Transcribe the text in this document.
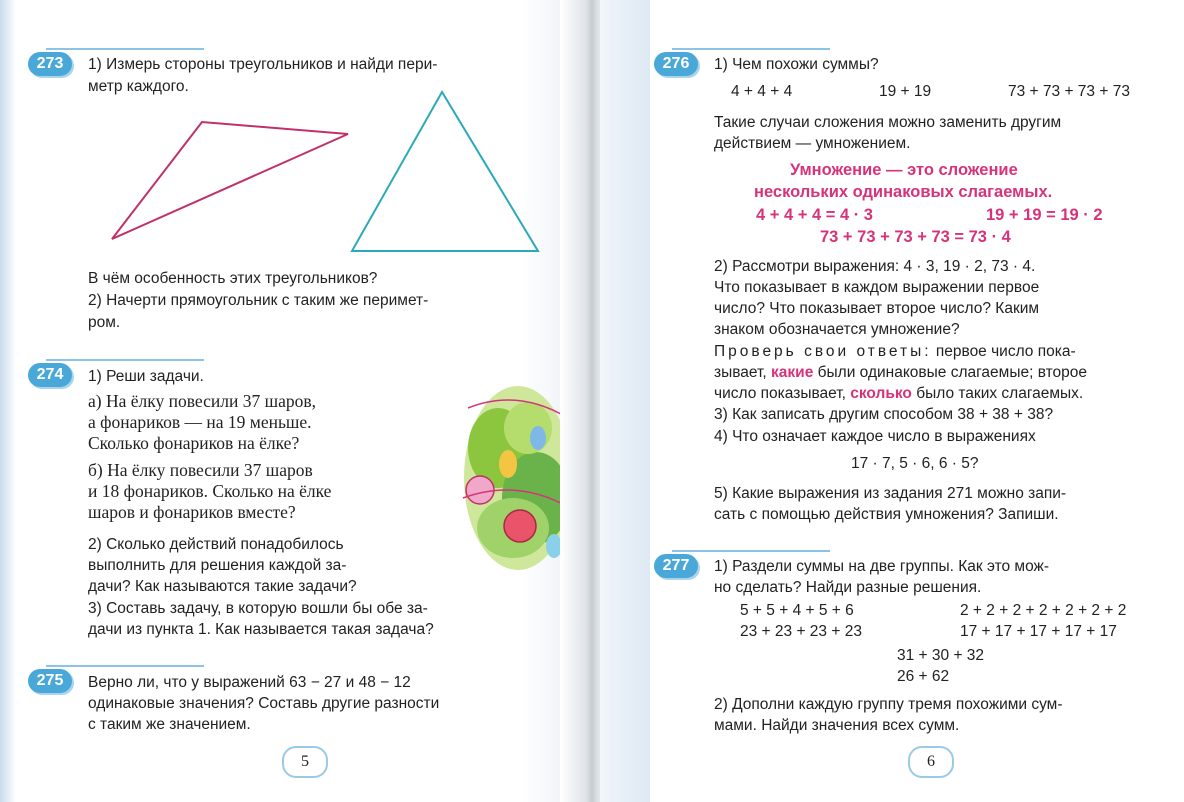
273	1) Измерь стороны треугольников и найди пери-
метр каждого.
В чём особенность этих треугольников?
2) Начерти прямоугольник с таким же перимет-
ром.
274	1) Реши задачи.
а) На ёлку повесили 37 шаров,
а фонариков — на 19 меньше.
Сколько фонариков на ёлке?
б) На ёлку повесили 37 шаров
и 18 фонариков. Сколько на ёлке
шаров и фонариков вместе?
2) Сколько действий понадобилось
выполнить для решения каждой за-
дачи? Как называются такие задачи?
3) Составь задачу, в которую вошли бы обе за-
дачи из пункта 1. Как называется такая задача?
275	Верно ли, что у выражений 63 − 27 и 48 − 12
одинаковые значения? Составь другие разности
с таким же значением.
5
276	1) Чем похожи суммы?
4 + 4 + 4	19 + 19	73 + 73 + 73 + 73
Такие случаи сложения можно заменить другим
действием — умножением.
Умножение — это сложение
нескольких одинаковых слагаемых.
4 + 4 + 4 = 4 · 3	19 + 19 = 19 · 2
73 + 73 + 73 + 73 = 73 · 4
2) Рассмотри выражения: 4 · 3, 19 · 2, 73 · 4.
Что показывает в каждом выражении первое
число? Что показывает второе число? Каким
знаком обозначается умножение?
Проверь свои ответы: первое число пока-
зывает, какие были одинаковые слагаемые; второе
число показывает, сколько было таких слагаемых.
3) Как записать другим способом 38 + 38 + 38?
4) Что означает каждое число в выражениях
17 · 7, 5 · 6, 6 · 5?
5) Какие выражения из задания 271 можно запи-
сать с помощью действия умножения? Запиши.
277	1) Раздели суммы на две группы. Как это мож-
но сделать? Найди разные решения.
5 + 5 + 4 + 5 + 6	2 + 2 + 2 + 2 + 2 + 2 + 2
23 + 23 + 23 + 23	17 + 17 + 17 + 17 + 17
31 + 30 + 32
26 + 62
2) Дополни каждую группу тремя похожими сум-
мами. Найди значения всех сумм.
6
